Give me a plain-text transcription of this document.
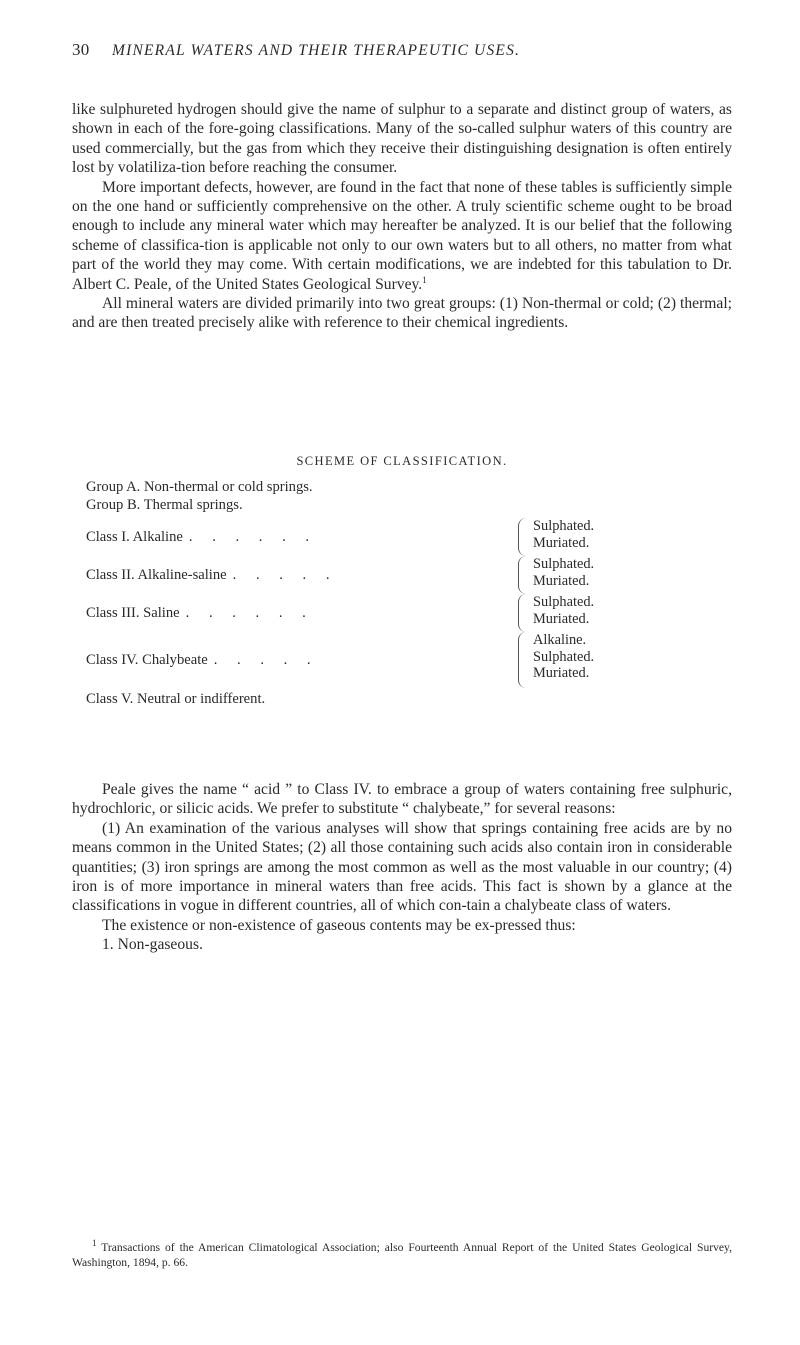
30	MINERAL WATERS AND THEIR THERAPEUTIC USES.

like sulphureted hydrogen should give the name of sulphur to a separate and distinct group of waters, as shown in each of the fore-going classifications. Many of the so-called sulphur waters of this country are used commercially, but the gas from which they receive their distinguishing designation is often entirely lost by volatiliza-tion before reaching the consumer.

More important defects, however, are found in the fact that none of these tables is sufficiently simple on the one hand or sufficiently comprehensive on the other. A truly scientific scheme ought to be broad enough to include any mineral water which may hereafter be analyzed. It is our belief that the following scheme of classifica-tion is applicable not only to our own waters but to all others, no matter from what part of the world they may come. With certain modifications, we are indebted for this tabulation to Dr. Albert C. Peale, of the United States Geological Survey.$^1$

All mineral waters are divided primarily into two great groups: (1) Non-thermal or cold; (2) thermal; and are then treated precisely alike with reference to their chemical ingredients.

SCHEME OF CLASSIFICATION.
Group A. Non-thermal or cold springs.
Group B. Thermal springs.
Class I. Alkaline . . . . . .
Sulphated.
Muriated.
Class II. Alkaline-saline . . . . .
Sulphated.
Muriated.
Class III. Saline . . . . . .
Sulphated.
Muriated.
Class IV. Chalybeate . . . . .
Alkaline.
Sulphated.
Muriated.
Class V. Neutral or indifferent.

Peale gives the name “ acid ” to Class IV. to embrace a group of waters containing free sulphuric, hydrochloric, or silicic acids. We prefer to substitute “ chalybeate,” for several reasons:

(1) An examination of the various analyses will show that springs containing free acids are by no means common in the United States; (2) all those containing such acids also contain iron in considerable quantities; (3) iron springs are among the most common as well as the most valuable in our country; (4) iron is of more importance in mineral waters than free acids. This fact is shown by a glance at the classifications in vogue in different countries, all of which con-tain a chalybeate class of waters.

The existence or non-existence of gaseous contents may be ex-pressed thus:

1. Non-gaseous.

$^1$ Transactions of the American Climatological Association; also Fourteenth Annual Report of the United States Geological Survey, Washington, 1894, p. 66.
